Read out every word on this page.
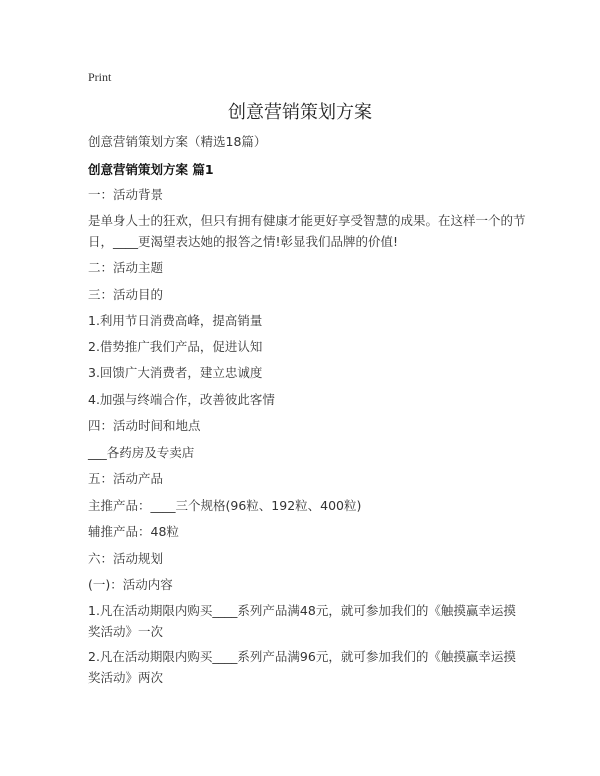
Print
创意营销策划方案
创意营销策划方案（精选18篇）
创意营销策划方案 篇1

一：活动背景

是单身人士的狂欢，但只有拥有健康才能更好享受智慧的成果。在这样一个的节日，____更渴望表达她的报答之情!彰显我们品牌的价值!

二：活动主题

三：活动目的

1.利用节日消费高峰，提高销量

2.借势推广我们产品，促进认知

3.回馈广大消费者，建立忠诚度

4.加强与终端合作，改善彼此客情

四：活动时间和地点

___各药房及专卖店

五：活动产品

主推产品：____三个规格(96粒、192粒、400粒)

辅推产品：48粒

六：活动规划

(一)：活动内容

1.凡在活动期限内购买____系列产品满48元，就可参加我们的《触摸赢幸运摸奖活动》一次

2.凡在活动期限内购买____系列产品满96元，就可参加我们的《触摸赢幸运摸奖活动》两次
